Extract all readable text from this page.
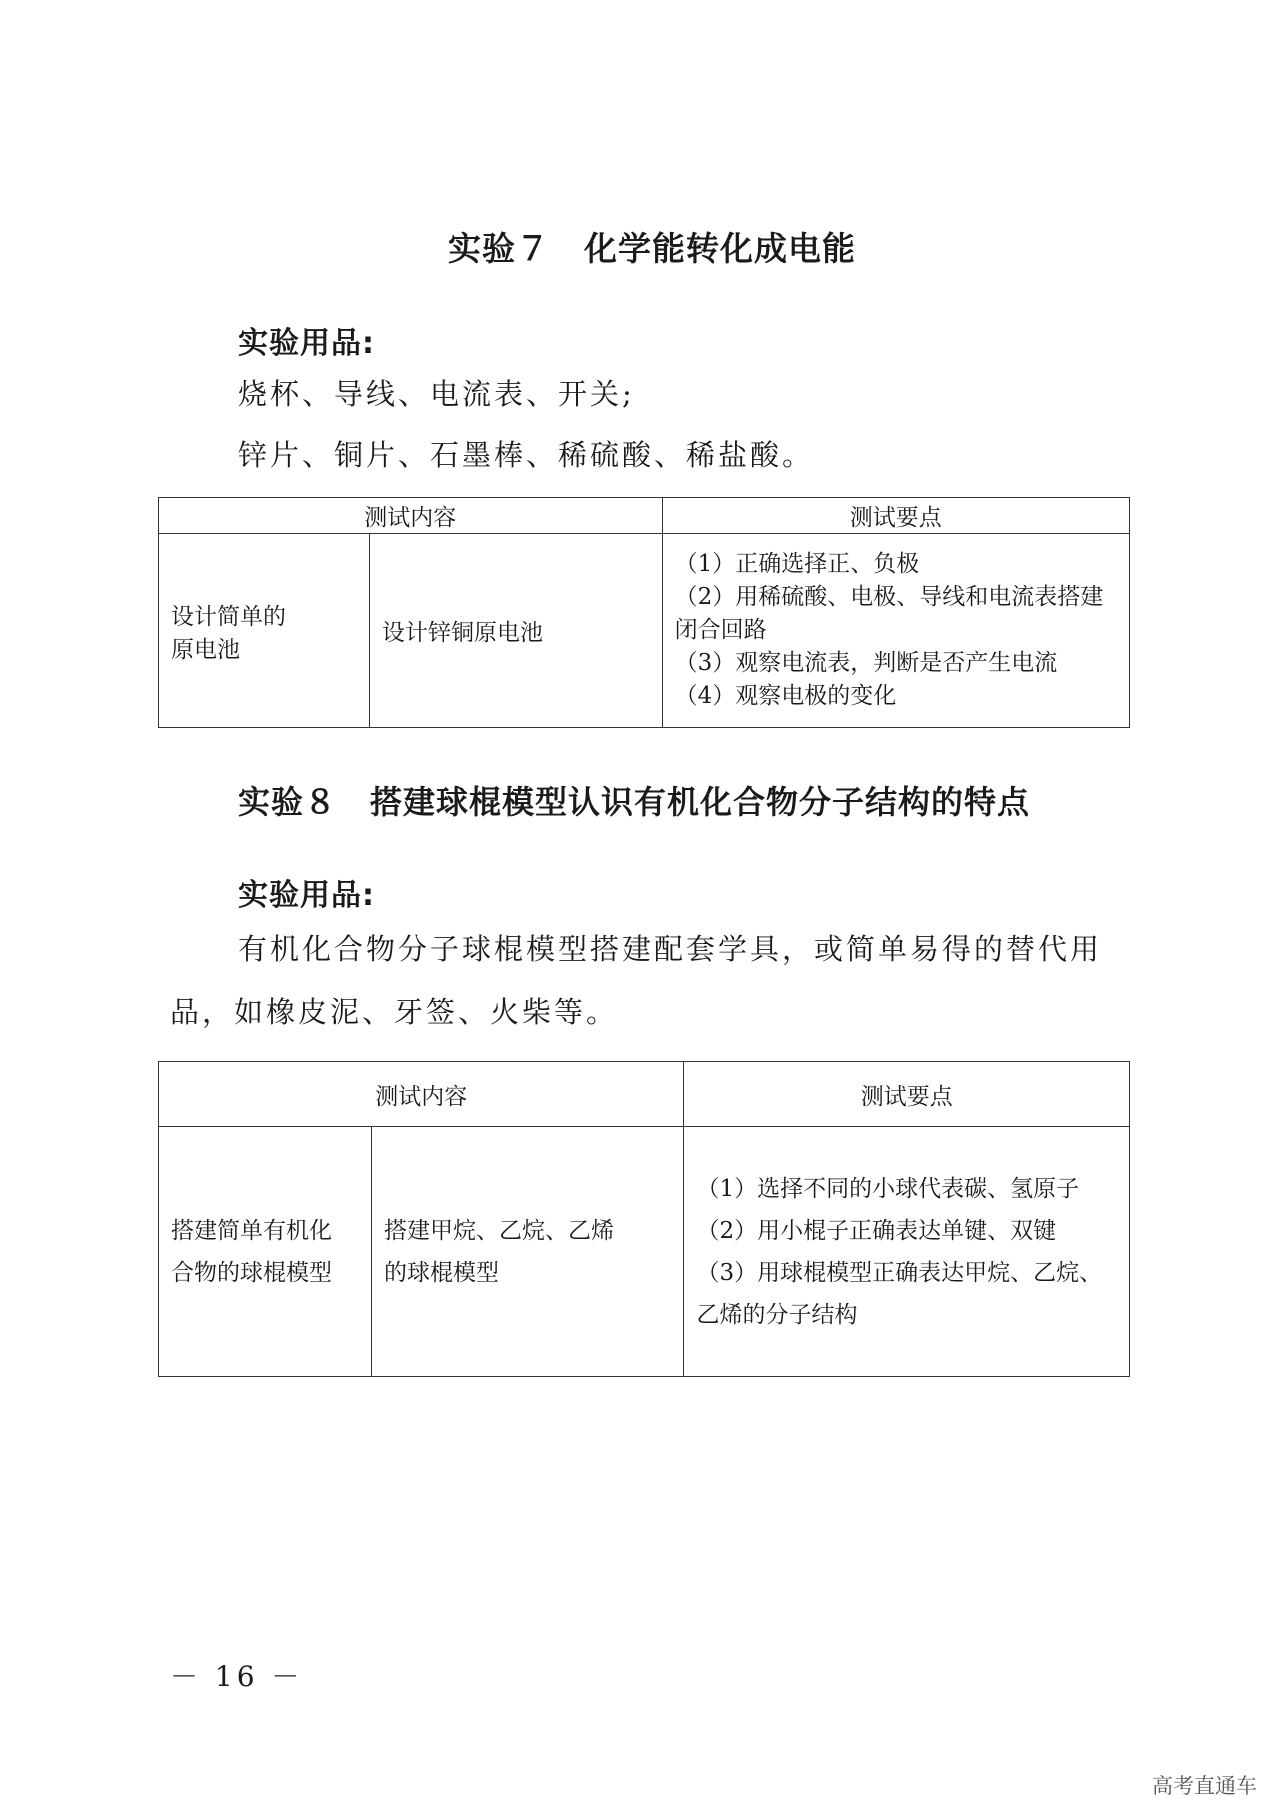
实验７　化学能转化成电能
实验用品:
烧杯、导线、电流表、开关;
锌片、铜片、石墨棒、稀硫酸、稀盐酸。
测试内容		测试要点

设计简单的
原电池	设计锌铜原电池	（1）正确选择正、负极
（2）用稀硫酸、电极、导线和电流表搭建
闭合回路
（3）观察电流表，判断是否产生电流
（4）观察电极的变化
实验８　搭建球棍模型认识有机化合物分子结构的特点
实验用品:
有机化合物分子球棍模型搭建配套学具，或简单易得的替代用
品，如橡皮泥、牙签、火柴等。
测试内容		测试要点

搭建简单有机化
合物的球棍模型	搭建甲烷、乙烷、乙烯
的球棍模型	（1）选择不同的小球代表碳、氢原子
（2）用小棍子正确表达单键、双键
（3）用球棍模型正确表达甲烷、乙烷、
乙烯的分子结构
－ 16 －
高考直通车
